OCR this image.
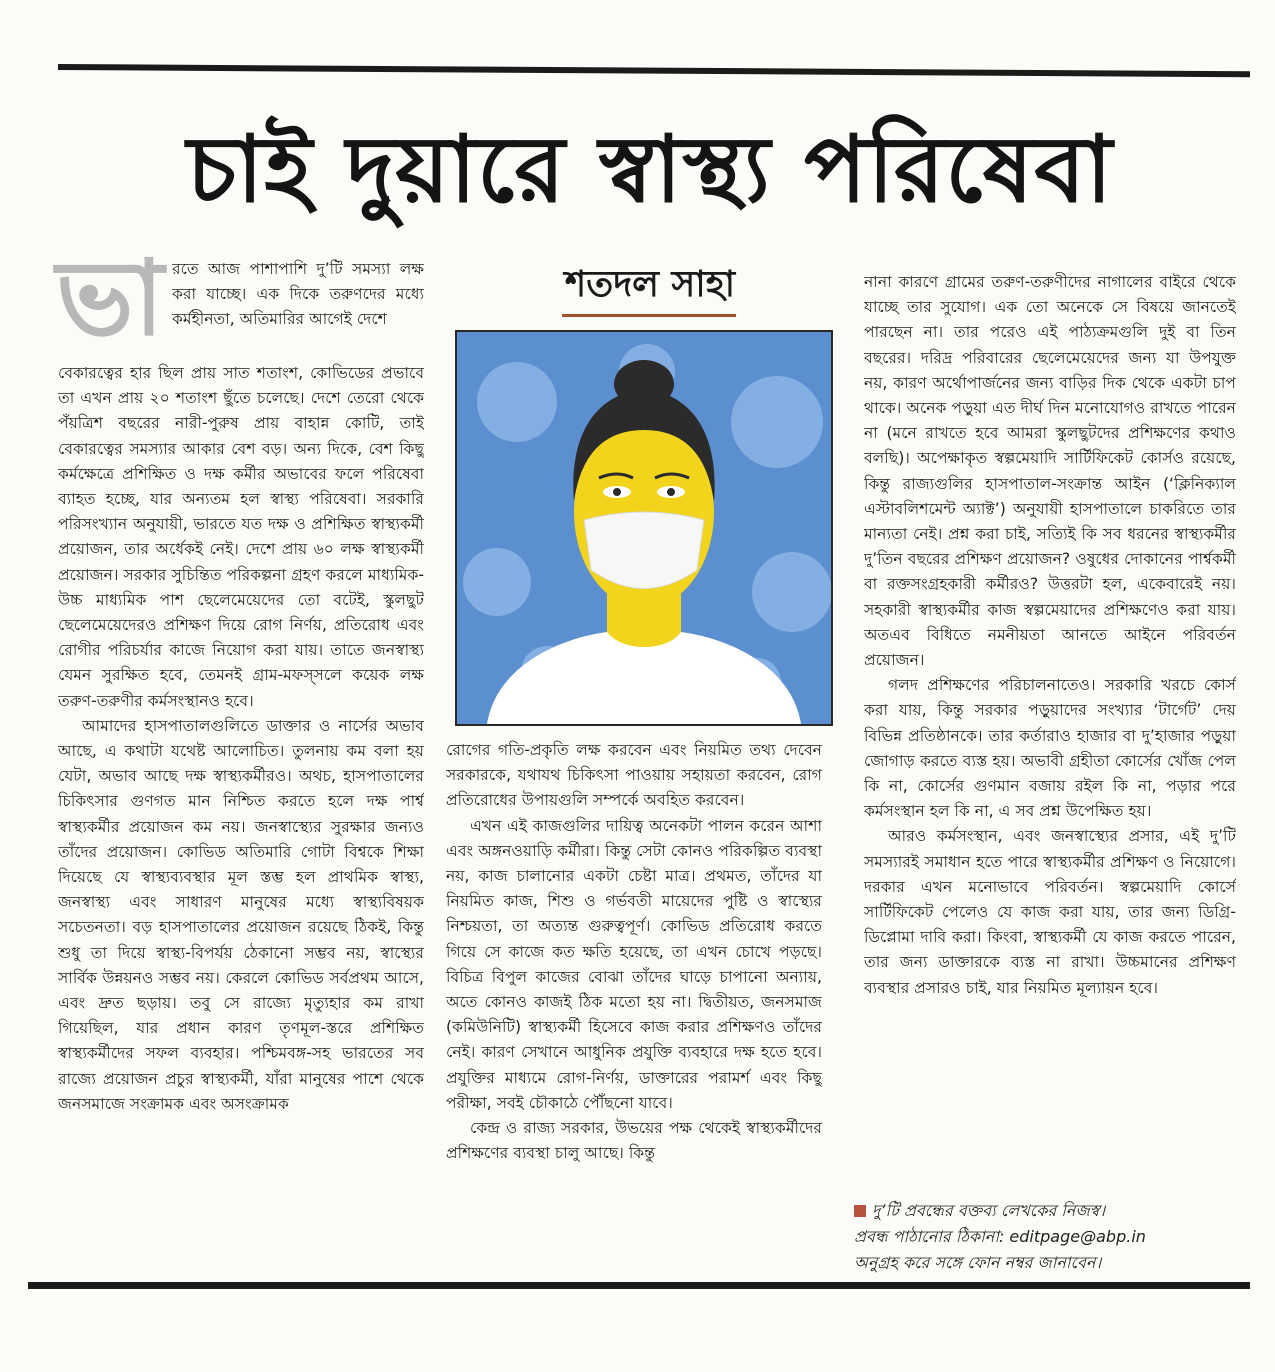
চাই দুয়ারে স্বাস্থ্য পরিষেবা
ভা রতে আজ পাশাপাশি দু’টি সমস্যা লক্ষ করা যাচ্ছে। এক দিকে তরুণদের মধ্যে কর্মহীনতা, অতিমারির আগেই দেশে

বেকারত্বের হার ছিল প্রায় সাত শতাংশ, কোভিডের প্রভাবে তা এখন প্রায় ২০ শতাংশ ছুঁতে চলেছে। দেশে তেরো থেকে পঁয়ত্রিশ বছরের নারী-পুরুষ প্রায় বাহান্ন কোটি, তাই বেকারত্বের সমস্যার আকার বেশ বড়। অন্য দিকে, বেশ কিছু কর্মক্ষেত্রে প্রশিক্ষিত ও দক্ষ কর্মীর অভাবের ফলে পরিষেবা ব্যাহত হচ্ছে, যার অন্যতম হল স্বাস্থ্য পরিষেবা। সরকারি পরিসংখ্যান অনুযায়ী, ভারতে যত দক্ষ ও প্রশিক্ষিত স্বাস্থ্যকর্মী প্রয়োজন, তার অর্ধেকই নেই। দেশে প্রায় ৬০ লক্ষ স্বাস্থ্যকর্মী প্রয়োজন। সরকার সুচিন্তিত পরিকল্পনা গ্রহণ করলে মাধ্যমিক-উচ্চ মাধ্যমিক পাশ ছেলেমেয়েদের তো বটেই, স্কুলছুট ছেলেমেয়েদেরও প্রশিক্ষণ দিয়ে রোগ নির্ণয়, প্রতিরোধ এবং রোগীর পরিচর্যার কাজে নিয়োগ করা যায়। তাতে জনস্বাস্থ্য যেমন সুরক্ষিত হবে, তেমনই গ্রাম-মফস্সলে কয়েক লক্ষ তরুণ-তরুণীর কর্মসংস্থানও হবে।

আমাদের হাসপাতালগুলিতে ডাক্তার ও নার্সের অভাব আছে, এ কথাটা যথেষ্ট আলোচিত। তুলনায় কম বলা হয় যেটা, অভাব আছে দক্ষ স্বাস্থ্যকর্মীরও। অথচ, হাসপাতালের চিকিৎসার গুণগত মান নিশ্চিত করতে হলে দক্ষ পার্শ্ব স্বাস্থ্যকর্মীর প্রয়োজন কম নয়। জনস্বাস্থ্যের সুরক্ষার জন্যও তাঁদের প্রয়োজন। কোভিড অতিমারি গোটা বিশ্বকে শিক্ষা দিয়েছে যে স্বাস্থ্যব্যবস্থার মূল স্তম্ভ হল প্রাথমিক স্বাস্থ্য, জনস্বাস্থ্য এবং সাধারণ মানুষের মধ্যে স্বাস্থ্যবিষয়ক সচেতনতা। বড় হাসপাতালের প্রয়োজন রয়েছে ঠিকই, কিন্তু শুধু তা দিয়ে স্বাস্থ্য-বিপর্যয় ঠেকানো সম্ভব নয়, স্বাস্থ্যের সার্বিক উন্নয়নও সম্ভব নয়। কেরলে কোভিড সর্বপ্রথম আসে, এবং দ্রুত ছড়ায়। তবু সে রাজ্যে মৃত্যুহার কম রাখা গিয়েছিল, যার প্রধান কারণ তৃণমূল-স্তরে প্রশিক্ষিত স্বাস্থ্যকর্মীদের সফল ব্যবহার। পশ্চিমবঙ্গ-সহ ভারতের সব রাজ্যে প্রয়োজন প্রচুর স্বাস্থ্যকর্মী, যাঁরা মানুষের পাশে থেকে জনসমাজে সংক্রামক এবং অসংক্রামক

শতদল সাহা

রোগের গতি-প্রকৃতি লক্ষ করবেন এবং নিয়মিত তথ্য দেবেন সরকারকে, যথাযথ চিকিৎসা পাওয়ায় সহায়তা করবেন, রোগ প্রতিরোধের উপায়গুলি সম্পর্কে অবহিত করবেন।

এখন এই কাজগুলির দায়িত্ব অনেকটা পালন করেন আশা এবং অঙ্গনওয়াড়ি কর্মীরা। কিন্তু সেটা কোনও পরিকল্পিত ব্যবস্থা নয়, কাজ চালানোর একটা চেষ্টা মাত্র। প্রথমত, তাঁদের যা নিয়মিত কাজ, শিশু ও গর্ভবতী মায়েদের পুষ্টি ও স্বাস্থ্যের নিশ্চয়তা, তা অত্যন্ত গুরুত্বপূর্ণ। কোভিড প্রতিরোধ করতে গিয়ে সে কাজে কত ক্ষতি হয়েছে, তা এখন চোখে পড়ছে। বিচিত্র বিপুল কাজের বোঝা তাঁদের ঘাড়ে চাপানো অন্যায়, অতে কোনও কাজই ঠিক মতো হয় না। দ্বিতীয়ত, জনসমাজ (কমিউনিটি) স্বাস্থ্যকর্মী হিসেবে কাজ করার প্রশিক্ষণও তাঁদের নেই। কারণ সেখানে আধুনিক প্রযুক্তি ব্যবহারে দক্ষ হতে হবে। প্রযুক্তির মাধ্যমে রোগ-নির্ণয়, ডাক্তারের পরামর্শ এবং কিছু পরীক্ষা, সবই চৌকাঠে পৌঁছনো যাবে।

কেন্দ্র ও রাজ্য সরকার, উভয়ের পক্ষ থেকেই স্বাস্থ্যকর্মীদের প্রশিক্ষণের ব্যবস্থা চালু আছে। কিন্তু

নানা কারণে গ্রামের তরুণ-তরুণীদের নাগালের বাইরে থেকে যাচ্ছে তার সুযোগ। এক তো অনেকে সে বিষয়ে জানতেই পারছেন না। তার পরেও এই পাঠ্যক্রমগুলি দুই বা তিন বছরের। দরিদ্র পরিবারের ছেলেমেয়েদের জন্য যা উপযুক্ত নয়, কারণ অর্থোপার্জনের জন্য বাড়ির দিক থেকে একটা চাপ থাকে। অনেক পড়ুয়া এত দীর্ঘ দিন মনোযোগও রাখতে পারেন না (মনে রাখতে হবে আমরা স্কুলছুটদের প্রশিক্ষণের কথাও বলছি)। অপেক্ষাকৃত স্বল্পমেয়াদি সার্টিফিকেট কোর্সও রয়েছে, কিন্তু রাজ্যগুলির হাসপাতাল-সংক্রান্ত আইন (‘ক্লিনিক্যাল এস্টাবলিশমেন্ট অ্যাক্ট’) অনুযায়ী হাসপাতালে চাকরিতে তার মান্যতা নেই। প্রশ্ন করা চাই, সত্যিই কি সব ধরনের স্বাস্থ্যকর্মীর দু’তিন বছরের প্রশিক্ষণ প্রয়োজন? ওষুধের দোকানের পার্শ্বকর্মী বা রক্তসংগ্রহকারী কর্মীরও? উত্তরটা হল, একেবারেই নয়। সহকারী স্বাস্থ্যকর্মীর কাজ স্বল্পমেয়াদের প্রশিক্ষণেও করা যায়। অতএব বিধিতে নমনীয়তা আনতে আইনে পরিবর্তন প্রয়োজন।

গলদ প্রশিক্ষণের পরিচালনাতেও। সরকারি খরচে কোর্স করা যায়, কিন্তু সরকার পড়ুয়াদের সংখ্যার ‘টার্গেট’ দেয় বিভিন্ন প্রতিষ্ঠানকে। তার কর্তারাও হাজার বা দু’হাজার পড়ুয়া জোগাড় করতে ব্যস্ত হয়। অভাবী গ্রহীতা কোর্সের খোঁজ পেল কি না, কোর্সের গুণমান বজায় রইল কি না, পড়ার পরে কর্মসংস্থান হল কি না, এ সব প্রশ্ন উপেক্ষিত হয়।

আরও কর্মসংস্থান, এবং জনস্বাস্থ্যের প্রসার, এই দু’টি সমস্যারই সমাধান হতে পারে স্বাস্থ্যকর্মীর প্রশিক্ষণ ও নিয়োগে। দরকার এখন মনোভাবে পরিবর্তন। স্বল্পমেয়াদি কোর্সে সার্টিফিকেট পেলেও যে কাজ করা যায়, তার জন্য ডিগ্রি-ডিপ্লোমা দাবি করা। কিংবা, স্বাস্থ্যকর্মী যে কাজ করতে পারেন, তার জন্য ডাক্তারকে ব্যস্ত না রাখা। উচ্চমানের প্রশিক্ষণ ব্যবস্থার প্রসারও চাই, যার নিয়মিত মূল্যায়ন হবে।

দু’টি প্রবন্ধের বক্তব্য লেখকের নিজস্ব।
প্রবন্ধ পাঠানোর ঠিকানা: editpage@abp.in
অনুগ্রহ করে সঙ্গে ফোন নম্বর জানাবেন।
